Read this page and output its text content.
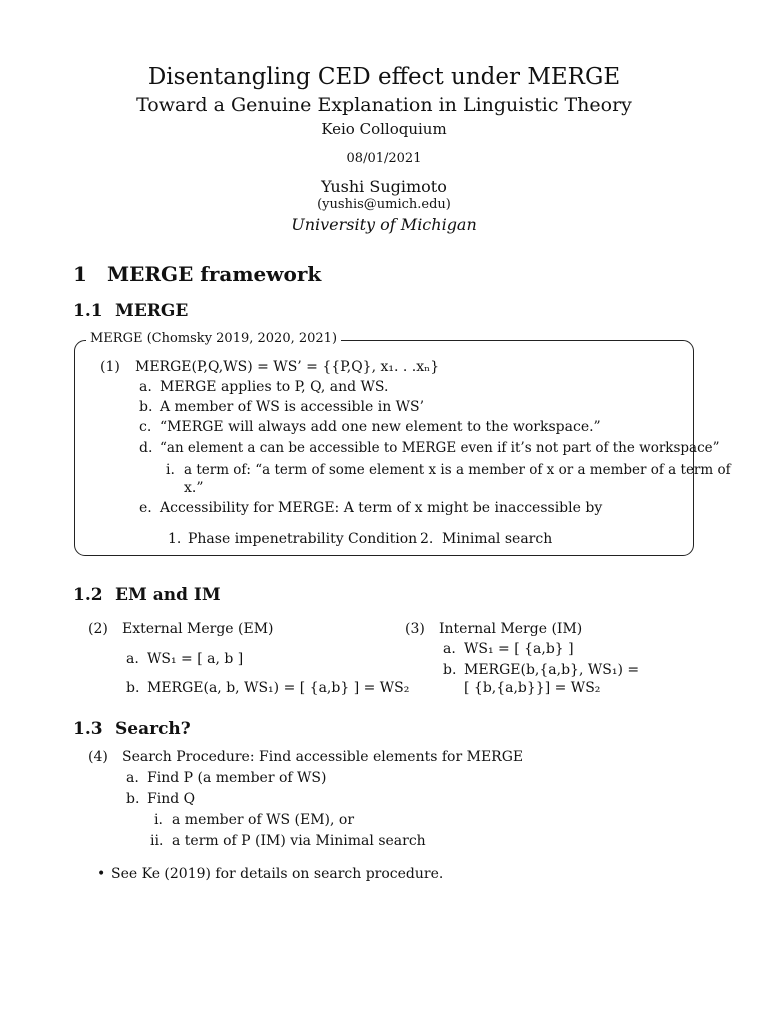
Disentangling CED effect under MERGE
Toward a Genuine Explanation in Linguistic Theory
Keio Colloquium
08/01/2021
Yushi Sugimoto
(yushis@umich.edu)
University of Michigan
1 MERGE framework
1.1 MERGE
MERGE (Chomsky 2019, 2020, 2021)
(1) MERGE(P,Q,WS) = WS’ = {{P,Q}, x₁. . .xₙ}
a. MERGE applies to P, Q, and WS.
b. A member of WS is accessible in WS’
c. “MERGE will always add one new element to the workspace.”
d. “an element a can be accessible to MERGE even if it’s not part of the workspace”
i. a term of: “a term of some element x is a member of x or a member of a term of
x.”
e. Accessibility for MERGE: A term of x might be inaccessible by
1. Phase impenetrability Condition 2. Minimal search
1.2 EM and IM
(2) External Merge (EM)
a. WS₁ = [ a, b ]
b. MERGE(a, b, WS₁) = [ {a,b} ] = WS₂
(3) Internal Merge (IM)
a. WS₁ = [ {a,b} ]
b. MERGE(b,{a,b}, WS₁) =
[ {b,{a,b}}] = WS₂
1.3 Search?
(4) Search Procedure: Find accessible elements for MERGE
a. Find P (a member of WS)
b. Find Q
i. a member of WS (EM), or
ii. a term of P (IM) via Minimal search
• See Ke (2019) for details on search procedure.
